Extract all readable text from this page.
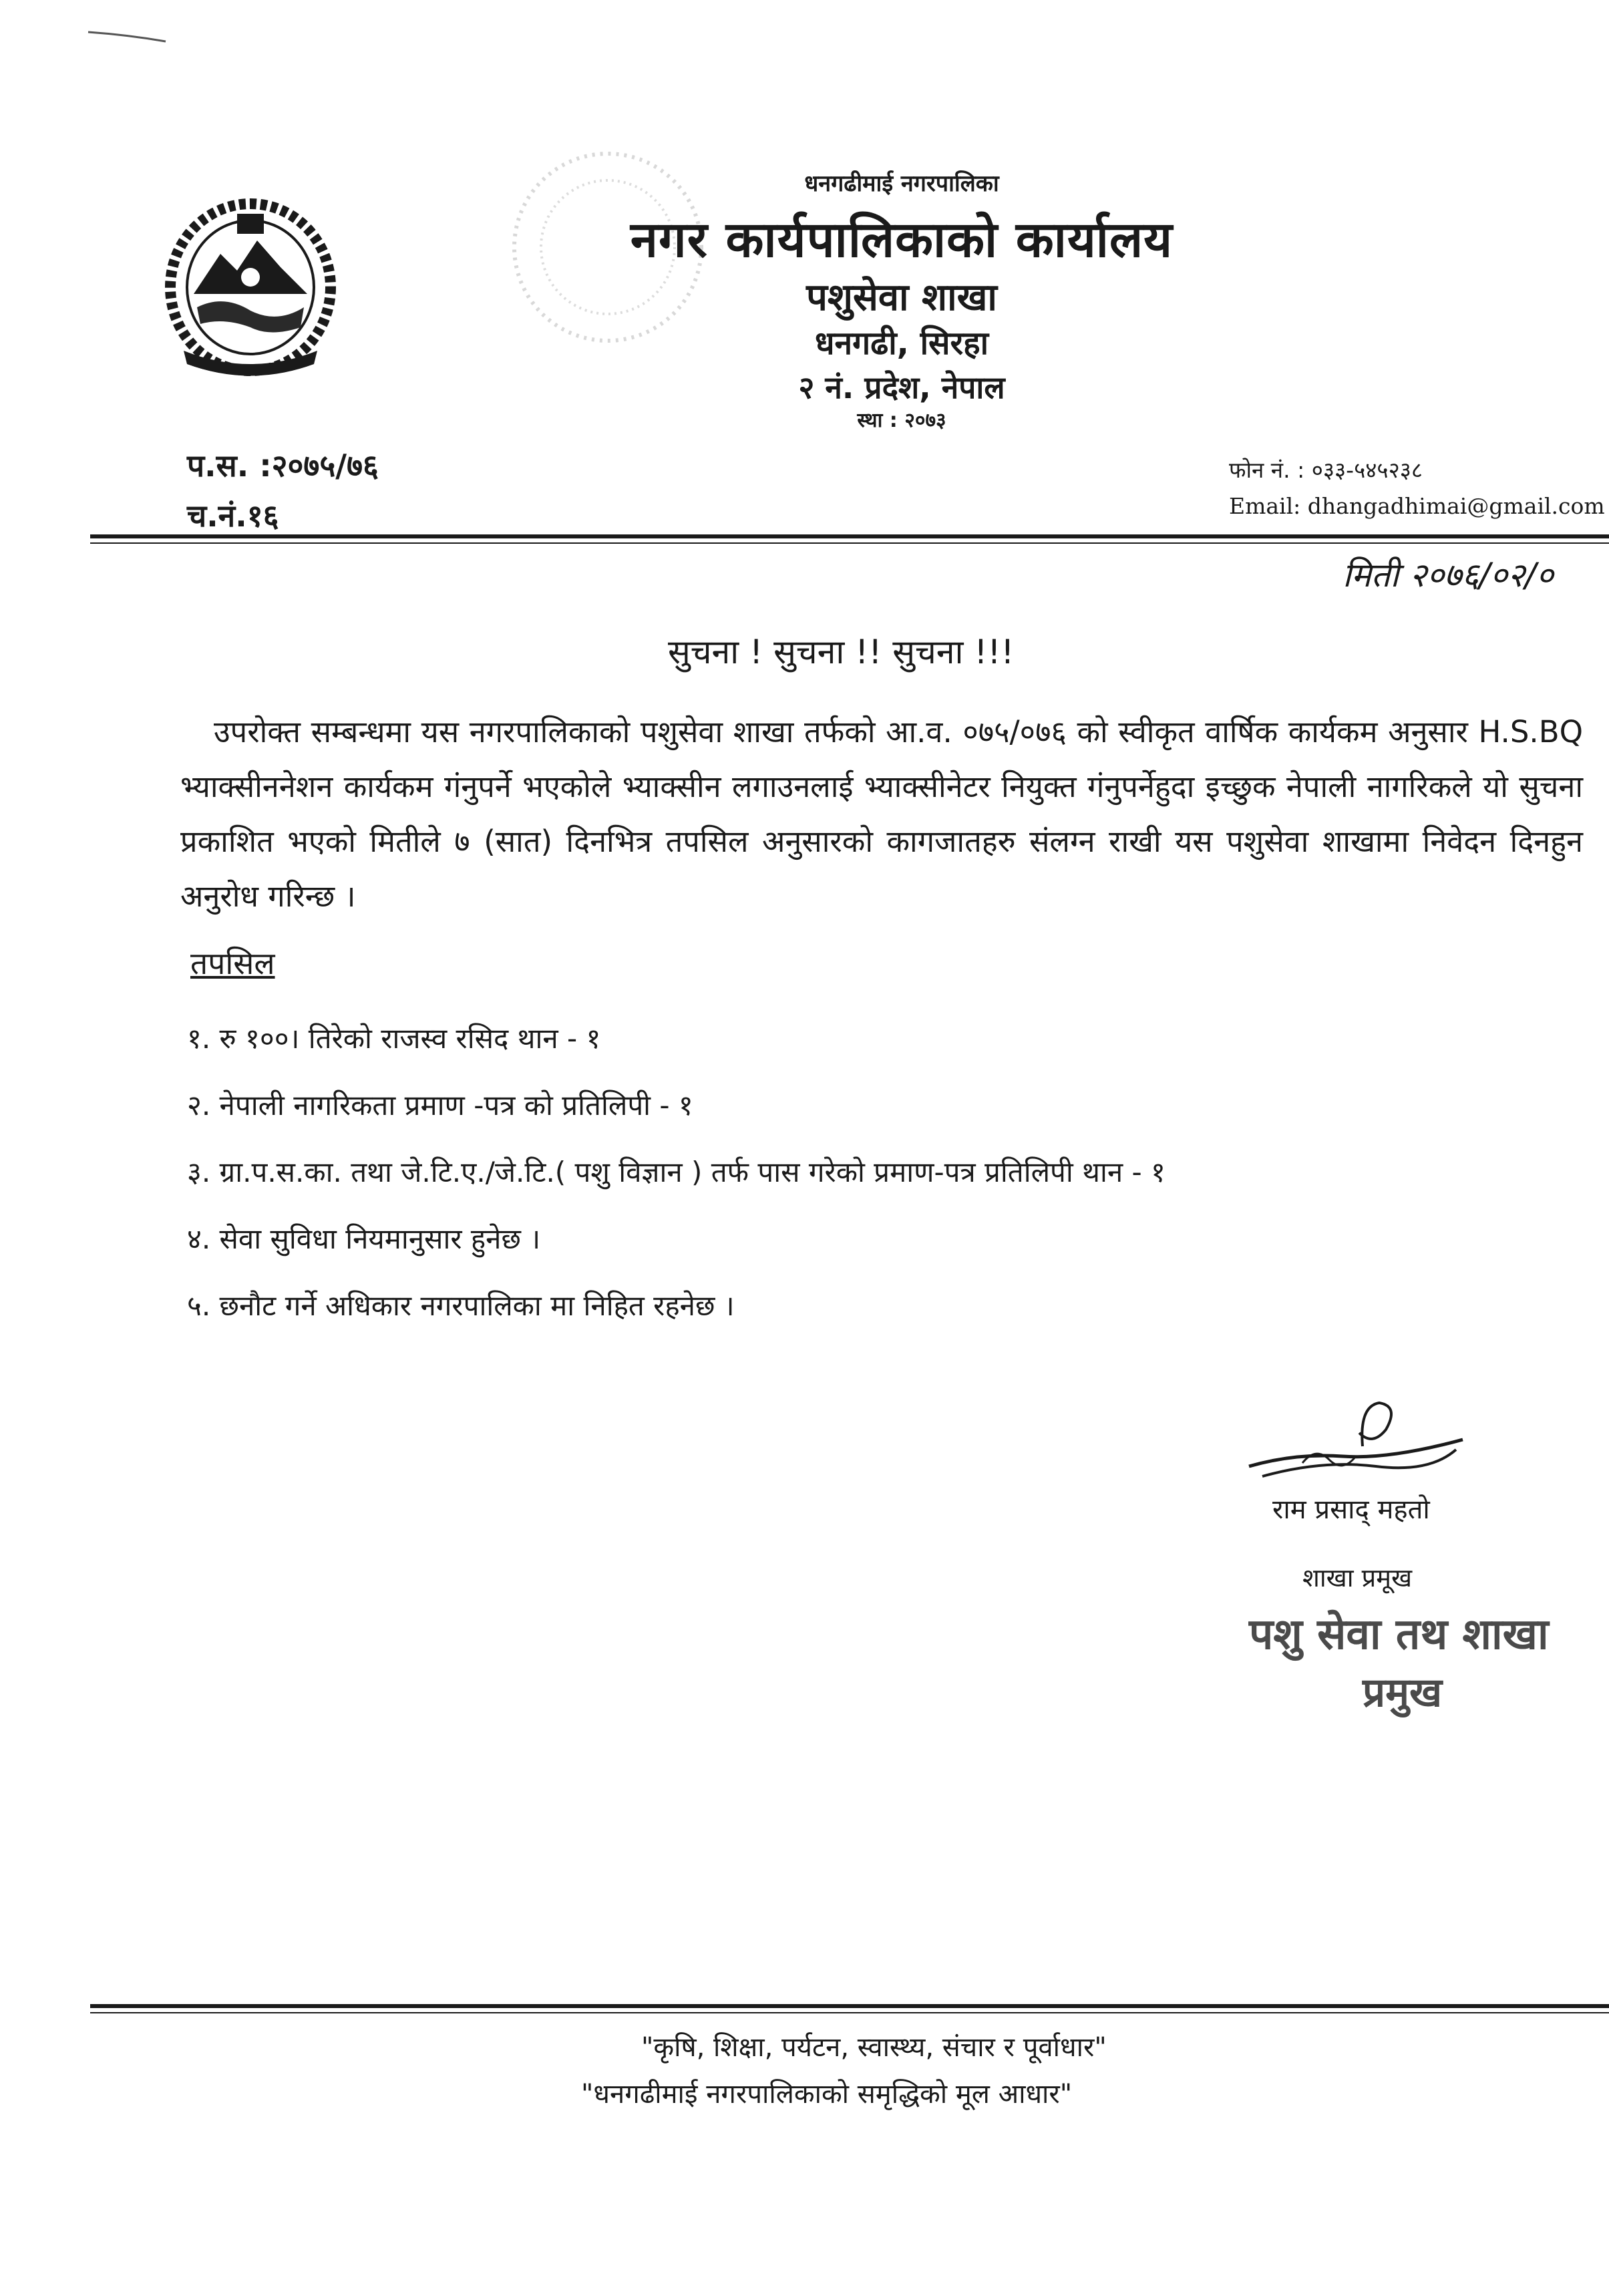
धनगढीमाई नगरपालिका
नगर कार्यपालिकाको कार्यालय
पशुसेवा शाखा
धनगढी, सिरहा
२ नं. प्रदेश, नेपाल
स्था : २०७३
प.स. :२०७५/७६
च.नं.१६
फोन नं. : ०३३-५४५२३८
Email: dhangadhimai@gmail.com
मिती २०७६/०२/०
सुचना ! सुचना !! सुचना !!!
उपरोक्त सम्बन्धमा यस नगरपालिकाको पशुसेवा शाखा तर्फको आ.व. ०७५/०७६ को स्वीकृत वार्षिक कार्यकम अनुसार H.S.BQ भ्याक्सीननेशन कार्यकम गंनुपर्ने भएकोले भ्याक्सीन लगाउनलाई भ्याक्सीनेटर नियुक्त गंनुपर्नेहुदा इच्छुक नेपाली नागरिकले यो सुचना प्रकाशित भएको मितीले ७ (सात) दिनभित्र तपसिल अनुसारको कागजातहरु संलग्न राखी यस पशुसेवा शाखामा निवेदन दिनहुन अनुरोध गरिन्छ ।
तपसिल
१. रु १००। तिरेको राजस्व रसिद थान - १
२. नेपाली नागरिकता प्रमाण -पत्र को प्रतिलिपी - १
३. ग्रा.प.स.का. तथा जे.टि.ए./जे.टि.( पशु विज्ञान ) तर्फ पास गरेको प्रमाण-पत्र प्रतिलिपी थान - १
४. सेवा सुविधा नियमानुसार हुनेछ ।
५. छनौट गर्ने अधिकार नगरपालिका मा निहित रहनेछ ।
राम प्रसाद् महतो
शाखा प्रमूख
पशु सेवा तथ शाखा
प्रमुख
"कृषि, शिक्षा, पर्यटन, स्वास्थ्य, संचार र पूर्वाधार"
"धनगढीमाई नगरपालिकाको समृद्धिको मूल आधार"
